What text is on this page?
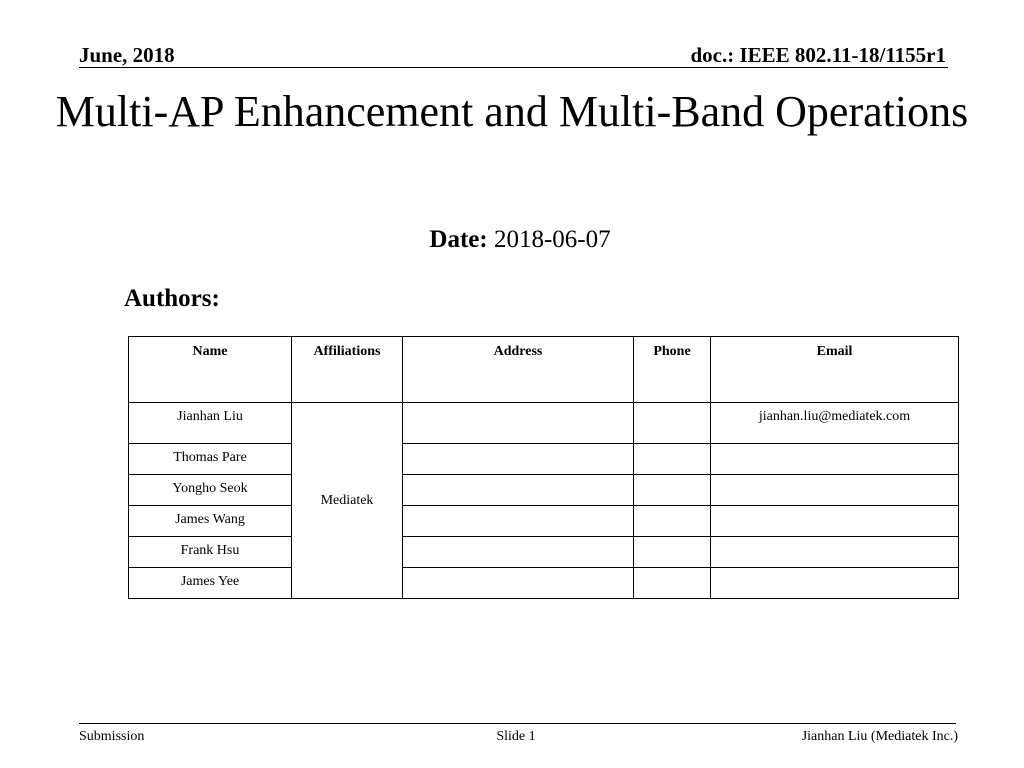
June, 2018	doc.: IEEE 802.11-18/1155r1
Multi-AP Enhancement and Multi-Band Operations
Date: 2018-06-07
Authors:
Name	Affiliations	Address	Phone	Email
Jianhan Liu	Mediatek			jianhan.liu@mediatek.com
Thomas Pare				
Yongho Seok				
James Wang				
Frank Hsu				
James Yee				
Submission	Slide 1	Jianhan Liu (Mediatek Inc.)
